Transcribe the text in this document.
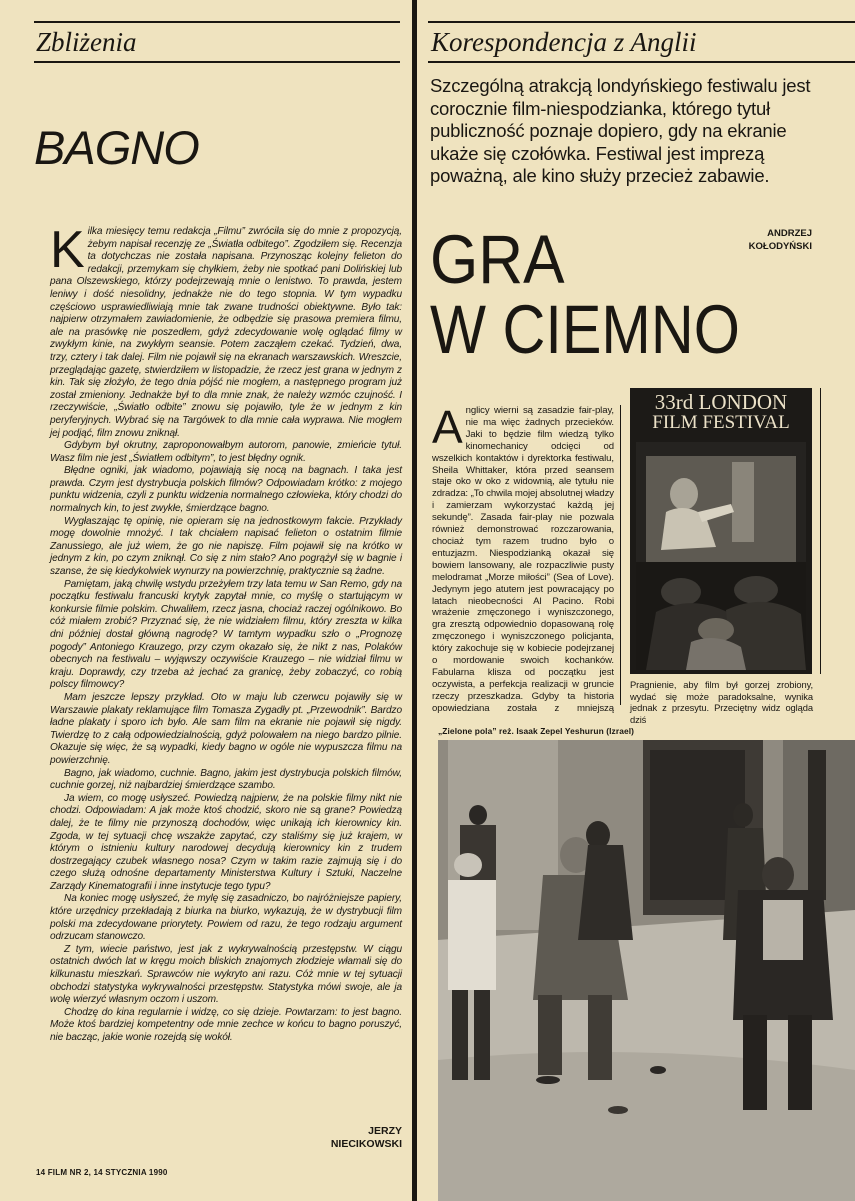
Zbliżenia
BAGNO

Kilka miesięcy temu redakcja „Filmu” zwróciła się do mnie z propozycją, żebym napisał recenzję ze „Światła odbitego”. Zgodziłem się. Recenzja ta dotychczas nie została napisana. Przynosząc kolejny felieton do redakcji, przemykam się chyłkiem, żeby nie spotkać pani Dolińskiej lub pana Olszewskiego, którzy podejrzewają mnie o lenistwo. To prawda, jestem leniwy i dość niesolidny, jednakże nie do tego stopnia. W tym wypadku częściowo usprawiedliwiają mnie tak zwane trudności obiektywne. Było tak: najpierw otrzymałem zawiadomienie, że odbędzie się prasowa premiera filmu, ale na prasówkę nie poszedłem, gdyż zdecydowanie wolę oglądać filmy w zwykłym kinie, na zwykłym seansie. Potem zacząłem czekać. Tydzień, dwa, trzy, cztery i tak dalej. Film nie pojawił się na ekranach warszawskich. Wreszcie, przeglądając gazetę, stwierdziłem w listopadzie, że rzecz jest grana w jednym z kin. Tak się złożyło, że tego dnia pójść nie mogłem, a następnego program już został zmieniony. Jednakże był to dla mnie znak, że należy wzmóc czujność. I rzeczywiście, „Światło odbite” znowu się pojawiło, tyle że w jednym z kin peryferyjnych. Wybrać się na Targówek to dla mnie cała wyprawa. Nie mogłem jej podjąć, film znowu zniknął.

Gdybym był okrutny, zaproponowałbym autorom, panowie, zmieńcie tytuł. Wasz film nie jest „Światłem odbitym”, to jest błędny ognik.

Błędne ogniki, jak wiadomo, pojawiają się nocą na bagnach. I taka jest prawda. Czym jest dystrybucja polskich filmów? Odpowiadam krótko: z mojego punktu widzenia, czyli z punktu widzenia normalnego człowieka, który chodzi do normalnych kin, to jest zwykłe, śmierdzące bagno.

Wygłaszając tę opinię, nie opieram się na jednostkowym fakcie. Przykłady mogę dowolnie mnożyć. I tak chciałem napisać felieton o ostatnim filmie Zanussiego, ale już wiem, że go nie napiszę. Film pojawił się na krótko w jednym z kin, po czym zniknął. Co się z nim stało? Ano pogrążył się w bagnie i szanse, że się kiedykolwiek wynurzy na powierzchnię, praktycznie są żadne.

Pamiętam, jaką chwilę wstydu przeżyłem trzy lata temu w San Remo, gdy na początku festiwalu francuski krytyk zapytał mnie, co myślę o startującym w konkursie filmie polskim. Chwaliłem, rzecz jasna, chociaż raczej ogólnikowo. Bo cóż miałem zrobić? Przyznać się, że nie widziałem filmu, który zreszta w kilka dni później dostał główną nagrodę? W tamtym wypadku szło o „Prognozę pogody” Antoniego Krauzego, przy czym okazało się, że nikt z nas, Polaków obecnych na festiwalu – wyjąwszy oczywiście Krauzego – nie widział filmu w kraju. Doprawdy, czy trzeba aż jechać za granicę, żeby zobaczyć, co robią polscy filmowcy?

Mam jeszcze lepszy przykład. Oto w maju lub czerwcu pojawiły się w Warszawie plakaty reklamujące film Tomasza Zygadły pt. „Przewodnik”. Bardzo ładne plakaty i sporo ich było. Ale sam film na ekranie nie pojawił się nigdy. Twierdzę to z całą odpowiedzialnością, gdyż polowałem na niego bardzo pilnie. Okazuje się więc, że są wypadki, kiedy bagno w ogóle nie wypuszcza filmu na powierzchnię.

Bagno, jak wiadomo, cuchnie. Bagno, jakim jest dystrybucja polskich filmów, cuchnie gorzej, niż najbardziej śmierdzące szambo.

Ja wiem, co mogę usłyszeć. Powiedzą najpierw, że na polskie filmy nikt nie chodzi. Odpowiadam: A jak może ktoś chodzić, skoro nie są grane? Powiedzą dalej, że te filmy nie przynoszą dochodów, więc unikają ich kierownicy kin. Zgoda, w tej sytuacji chcę wszakże zapytać, czy staliśmy się już krajem, w którym o istnieniu kultury narodowej decydują kierownicy kin z trudem dostrzegający czubek własnego nosa? Czym w takim razie zajmują się i do czego służą odnośne departamenty Ministerstwa Kultury i Sztuki, Naczelne Zarządy Kinematografii i inne instytucje tego typu?

Na koniec mogę usłyszeć, że mylę się zasadniczo, bo najróżniejsze papiery, które urzędnicy przekładają z biurka na biurko, wykazują, że w dystrybucji film polski ma zdecydowane priorytety. Powiem od razu, że tego rodzaju argument odrzucam stanowczo.

Z tym, wiecie państwo, jest jak z wykrywalnością przestępstw. W ciągu ostatnich dwóch lat w kręgu moich bliskich znajomych złodzieje włamali się do kilkunastu mieszkań. Sprawców nie wykryto ani razu. Cóż mnie w tej sytuacji obchodzi statystyka wykrywalności przestępstw. Statystyka mówi swoje, ale ja wolę wierzyć własnym oczom i uszom.

Chodzę do kina regularnie i widzę, co się dzieje. Powtarzam: to jest bagno. Może ktoś bardziej kompetentny ode mnie zechce w końcu to bagno poruszyć, nie bacząc, jakie wonie rozejdą się wokół.

JERZY
NIECIKOWSKI
14 FILM NR 2, 14 STYCZNIA 1990
Korespondencja z Anglii
Szczególną atrakcją londyńskiego festiwalu jest corocznie film-niespodzianka, którego tytuł publiczność poznaje dopiero, gdy na ekranie ukaże się czołówka. Festiwal jest imprezą poważną, ale kino służy przecież zabawie.
GRA
W CIEMNO
ANDRZEJ
KOŁODYŃSKI

Anglicy wierni są zasadzie fair-play, nie ma więc żadnych przecieków. Jaki to będzie film wiedzą tylko kinomechanicy odcięci od wszelkich kontaktów i dyrektorka festiwalu, Sheila Whittaker, która przed seansem staje oko w oko z widownią, ale tytułu nie zdradza: „To chwila mojej absolutnej władzy i zamierzam wykorzystać każdą jej sekundę”. Zasada fair-play nie pozwala również demonstrować rozczarowania, chociaż tym razem trudno było o entuzjazm. Niespodzianką okazał się bowiem lansowany, ale rozpaczliwie pusty melodramat „Morze miłości” (Sea of Love). Jedynym jego atutem jest powracający po latach nieobecności Al Pacino. Robi wrażenie zmęczonego i wyniszczonego, gra zresztą odpowiednio dopasowaną rolę zmęczonego i wyniszczonego policjanta, który zakochuje się w kobiecie podejrzanej o mordowanie swoich kochanków. Fabularna klisza od początku jest oczywista, a perfekcja realizacji w gruncie rzeczy przeszkadza. Gdyby ta historia opowiedziana została z mniejszą

33rd LONDON
FILM FESTIVAL
Pragnienie, aby film był gorzej zrobiony, wydać się może paradoksalne, wynika jednak z przesytu. Przeciętny widz ogląda dziś
„Zielone pola” reż. Isaak Zepel Yeshurun (Izrael)
